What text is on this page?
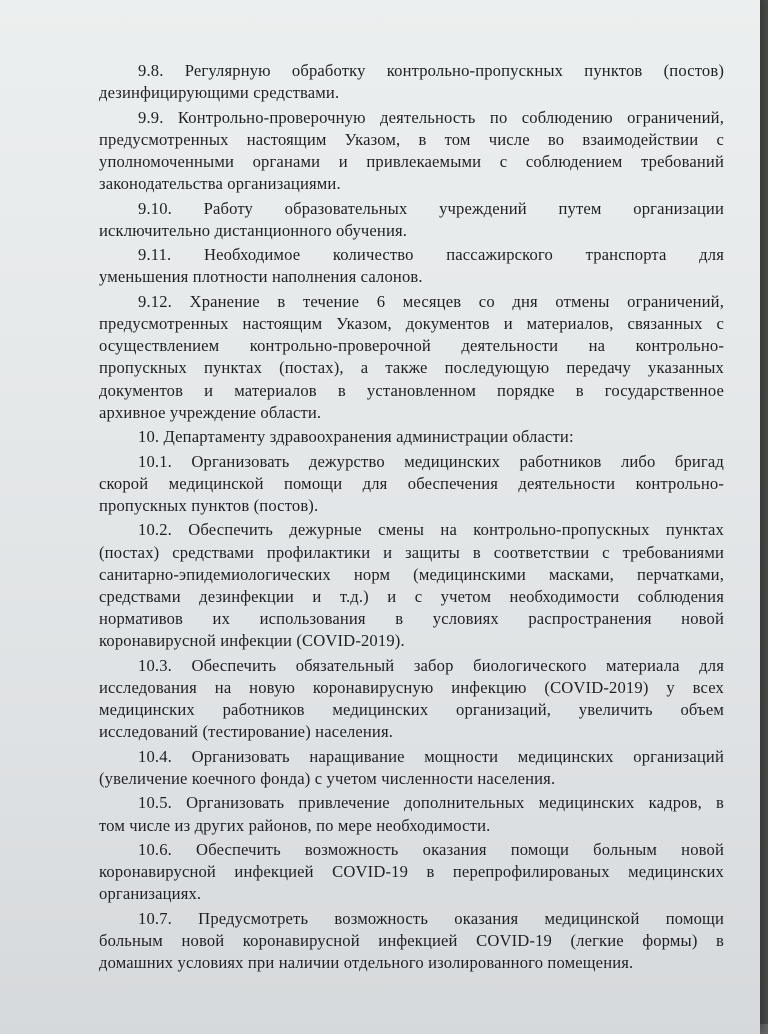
9.8. Регулярную обработку контрольно-пропускных пунктов (постов)
дезинфицирующими средствами.
9.9. Контрольно-проверочную деятельность по соблюдению ограничений,
предусмотренных настоящим Указом, в том числе во взаимодействии с
уполномоченными органами и привлекаемыми с соблюдением требований
законодательства организациями.
9.10. Работу образовательных учреждений путем организации
исключительно дистанционного обучения.
9.11. Необходимое количество пассажирского транспорта для
уменьшения плотности наполнения салонов.
9.12. Хранение в течение 6 месяцев со дня отмены ограничений,
предусмотренных настоящим Указом, документов и материалов, связанных с
осуществлением контрольно-проверочной деятельности на контрольно-
пропускных пунктах (постах), а также последующую передачу указанных
документов и материалов в установленном порядке в государственное
архивное учреждение области.
10. Департаменту здравоохранения администрации области:
10.1. Организовать дежурство медицинских работников либо бригад
скорой медицинской помощи для обеспечения деятельности контрольно-
пропускных пунктов (постов).
10.2. Обеспечить дежурные смены на контрольно-пропускных пунктах
(постах) средствами профилактики и защиты в соответствии с требованиями
санитарно-эпидемиологических норм (медицинскими масками, перчатками,
средствами дезинфекции и т.д.) и с учетом необходимости соблюдения
нормативов их использования в условиях распространения новой
коронавирусной инфекции (COVID-2019).
10.3. Обеспечить обязательный забор биологического материала для
исследования на новую коронавирусную инфекцию (COVID-2019) у всех
медицинских работников медицинских организаций, увеличить объем
исследований (тестирование) населения.
10.4. Организовать наращивание мощности медицинских организаций
(увеличение коечного фонда) с учетом численности населения.
10.5. Организовать привлечение дополнительных медицинских кадров, в
том числе из других районов, по мере необходимости.
10.6. Обеспечить возможность оказания помощи больным новой
коронавирусной инфекцией COVID-19 в перепрофилированых медицинских
организациях.
10.7. Предусмотреть возможность оказания медицинской помощи
больным новой коронавирусной инфекцией COVID-19 (легкие формы) в
домашних условиях при наличии отдельного изолированного помещения.
